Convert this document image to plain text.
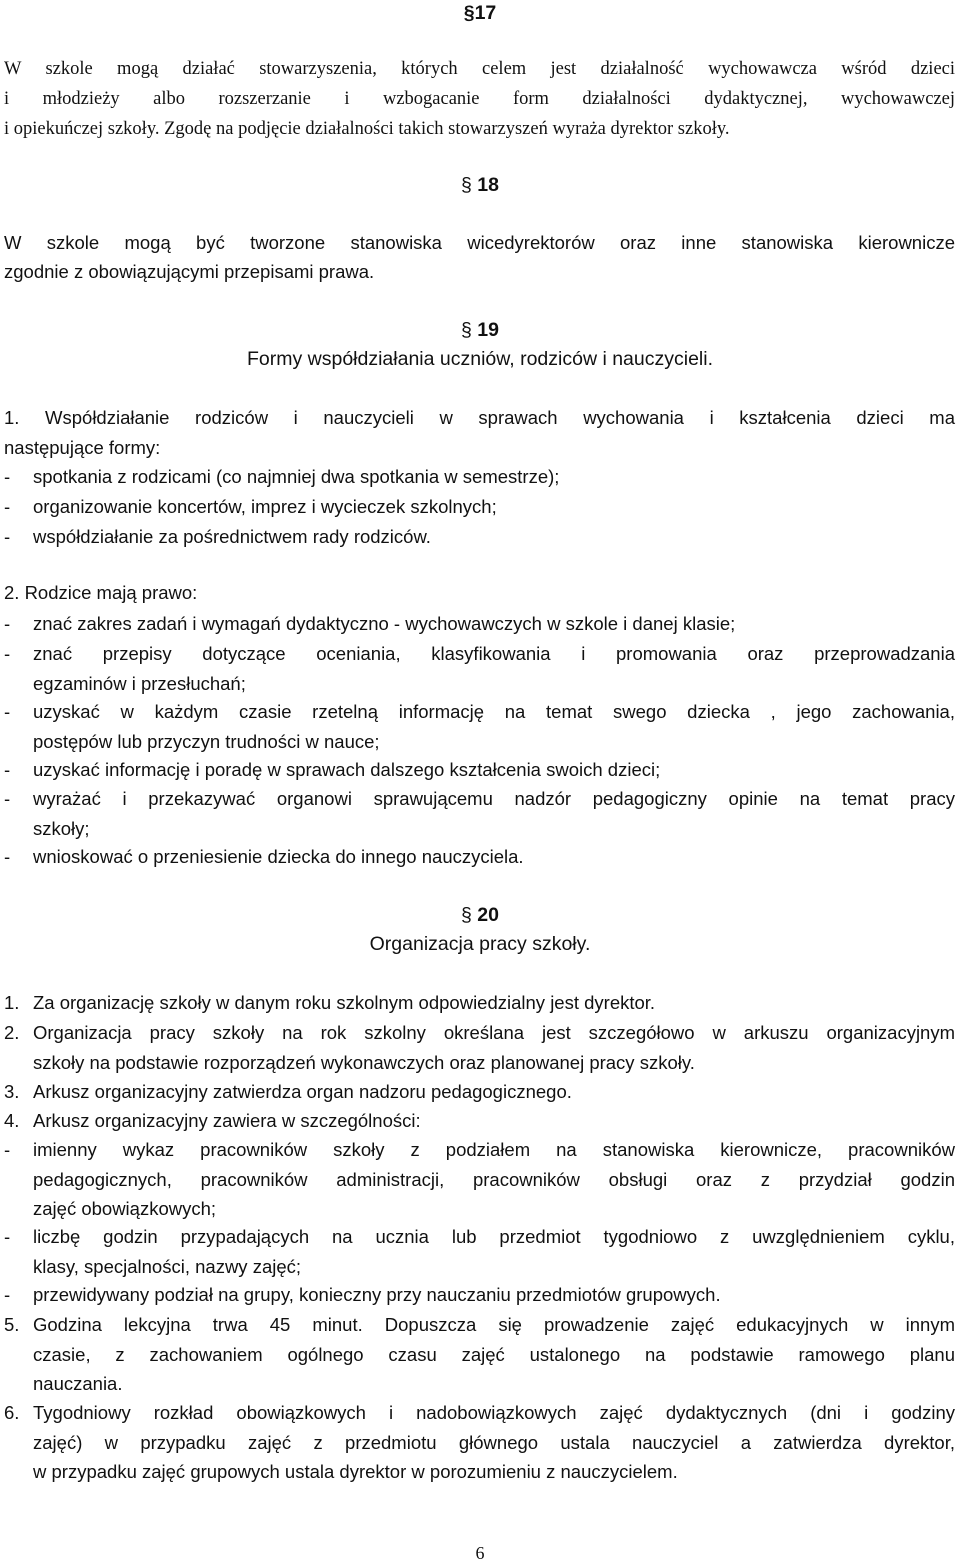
§17
W szkole mogą działać stowarzyszenia, których celem jest działalność wychowawcza wśród dzieci
i młodzieży albo rozszerzanie i wzbogacanie form działalności dydaktycznej, wychowawczej
i opiekuńczej szkoły. Zgodę na podjęcie działalności takich stowarzyszeń wyraża dyrektor szkoły.
§ 18
W szkole mogą być tworzone stanowiska wicedyrektorów oraz inne stanowiska kierownicze
zgodnie z obowiązującymi przepisami prawa.
§ 19
Formy współdziałania uczniów, rodziców i nauczycieli.
1. Współdziałanie rodziców i nauczycieli w sprawach wychowania i kształcenia dzieci ma
następujące formy:
- spotkania z rodzicami (co najmniej dwa spotkania w semestrze);
- organizowanie koncertów, imprez i wycieczek szkolnych;
- współdziałanie za pośrednictwem rady rodziców.
2. Rodzice mają prawo:
- znać zakres zadań i wymagań dydaktyczno - wychowawczych w szkole i danej klasie;
- znać przepisy dotyczące oceniania, klasyfikowania i promowania oraz przeprowadzania
egzaminów i przesłuchań;
- uzyskać w każdym czasie rzetelną informację na temat swego dziecka , jego zachowania,
postępów lub przyczyn trudności w nauce;
- uzyskać informację i poradę w sprawach dalszego kształcenia swoich dzieci;
- wyrażać i przekazywać organowi sprawującemu nadzór pedagogiczny opinie na temat pracy
szkoły;
- wnioskować o przeniesienie dziecka do innego nauczyciela.
§ 20
Organizacja pracy szkoły.
1. Za organizację szkoły w danym roku szkolnym odpowiedzialny jest dyrektor.
2. Organizacja pracy szkoły na rok szkolny określana jest szczegółowo w arkuszu organizacyjnym
szkoły na podstawie rozporządzeń wykonawczych oraz planowanej pracy szkoły.
3. Arkusz organizacyjny zatwierdza organ nadzoru pedagogicznego.
4. Arkusz organizacyjny zawiera w szczególności:
- imienny wykaz pracowników szkoły z podziałem na stanowiska kierownicze, pracowników
pedagogicznych, pracowników administracji, pracowników obsługi oraz z przydział godzin
zajęć obowiązkowych;
- liczbę godzin przypadających na ucznia lub przedmiot tygodniowo z uwzględnieniem cyklu,
klasy, specjalności, nazwy zajęć;
- przewidywany podział na grupy, konieczny przy nauczaniu przedmiotów grupowych.
5. Godzina lekcyjna trwa 45 minut. Dopuszcza się prowadzenie zajęć edukacyjnych w innym
czasie, z zachowaniem ogólnego czasu zajęć ustalonego na podstawie ramowego planu
nauczania.
6. Tygodniowy rozkład obowiązkowych i nadobowiązkowych zajęć dydaktycznych (dni i godziny
zajęć) w przypadku zajęć z przedmiotu głównego ustala nauczyciel a zatwierdza dyrektor,
w przypadku zajęć grupowych ustala dyrektor w porozumieniu z nauczycielem.
6
